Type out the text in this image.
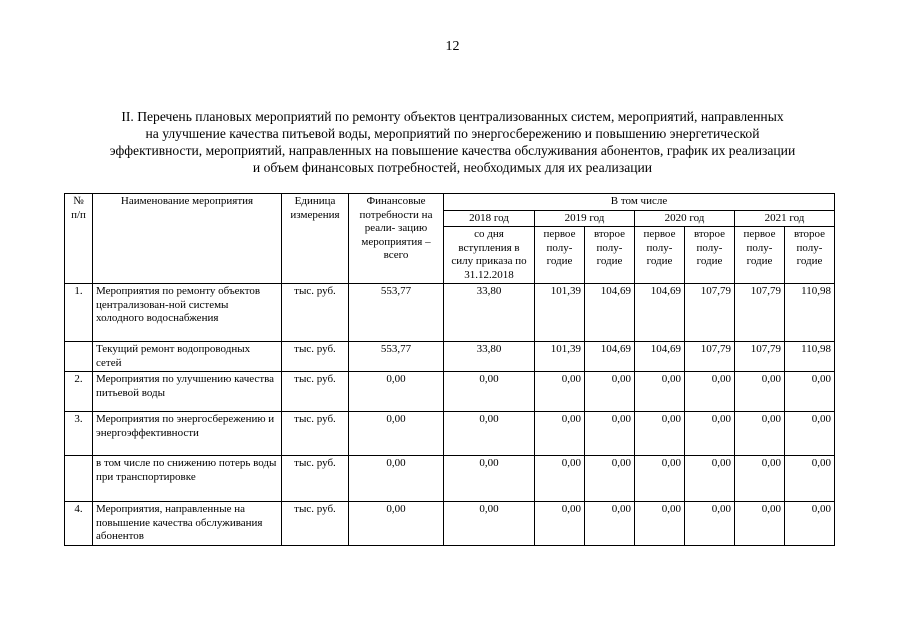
12
II. Перечень плановых мероприятий по ремонту объектов централизованных систем, мероприятий, направленных
на улучшение качества питьевой воды, мероприятий по энергосбережению и повышению энергетической
эффективности, мероприятий, направленных на повышение качества обслуживания абонентов, график их реализации
и объем финансовых потребностей, необходимых для их реализации
№ п/п	Наименование мероприятия	Единица измерения	Финансовые потребности на реали- зацию мероприятия – всего	В том числе						
				2018 год	2019 год		2020 год		2021 год	
				со дня вступления в силу приказа по 31.12.2018	первое полу- годие	второе полу- годие	первое полу- годие	второе полу- годие	первое полу- годие	второе полу- годие
1.	Мероприятия по ремонту объектов централизован-ной системы холодного водоснабжения	тыс. руб.	553,77	33,80	101,39	104,69	104,69	107,79	107,79	110,98
	Текущий ремонт водопроводных сетей	тыс. руб.	553,77	33,80	101,39	104,69	104,69	107,79	107,79	110,98
2.	Мероприятия по улучшению качества питьевой воды	тыс. руб.	0,00	0,00	0,00	0,00	0,00	0,00	0,00	0,00
3.	Мероприятия по энергосбережению и энергоэффективности	тыс. руб.	0,00	0,00	0,00	0,00	0,00	0,00	0,00	0,00
	в том числе по снижению потерь воды при транспортировке	тыс. руб.	0,00	0,00	0,00	0,00	0,00	0,00	0,00	0,00
4.	Мероприятия, направленные на повышение качества обслуживания абонентов	тыс. руб.	0,00	0,00	0,00	0,00	0,00	0,00	0,00	0,00
